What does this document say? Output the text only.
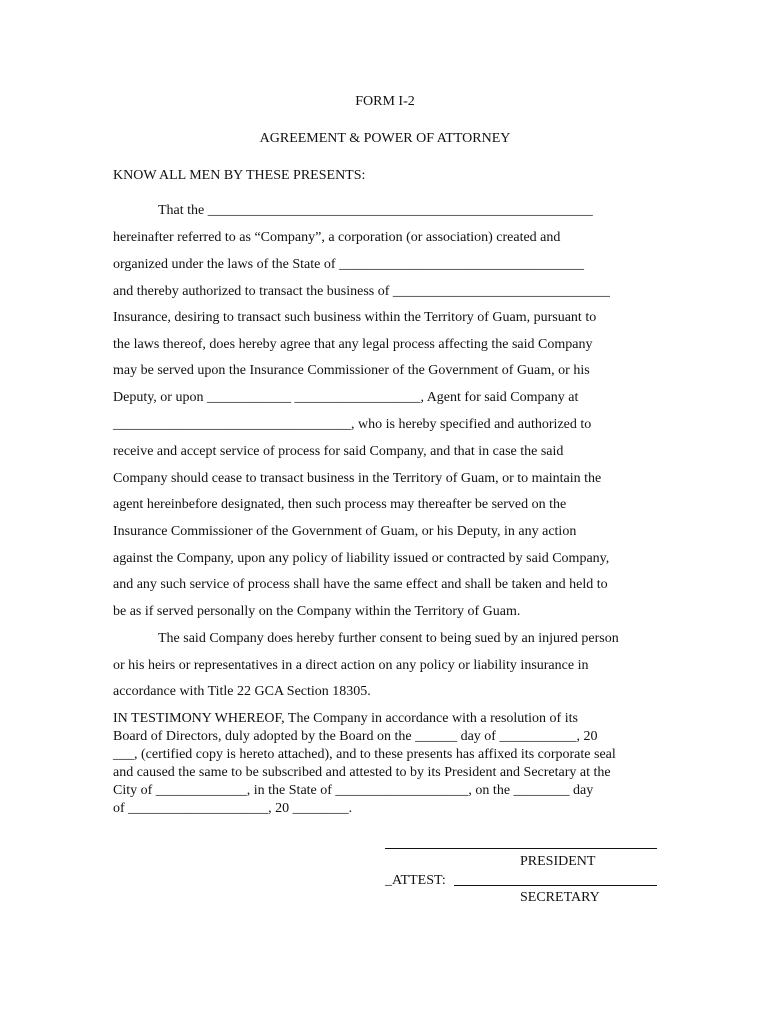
FORM I-2
AGREEMENT & POWER OF ATTORNEY
KNOW ALL MEN BY THESE PRESENTS:
That the _______________________________________________________
hereinafter referred to as “Company”, a corporation (or association) created and
organized under the laws of the State of ___________________________________
and thereby authorized to transact the business of _______________________________
Insurance, desiring to transact such business within the Territory of Guam, pursuant to
the laws thereof, does hereby agree that any legal process affecting the said Company
may be served upon the Insurance Commissioner of the Government of Guam, or his
Deputy, or upon ____________ __________________, Agent for said Company at
__________________________________, who is hereby specified and authorized to
receive and accept service of process for said Company, and that in case the said
Company should cease to transact business in the Territory of Guam, or to maintain the
agent hereinbefore designated, then such process may thereafter be served on the
Insurance Commissioner of the Government of Guam, or his Deputy, in any action
against the Company, upon any policy of liability issued or contracted by said Company,
and any such service of process shall have the same effect and shall be taken and held to
be as if served personally on the Company within the Territory of Guam.
The said Company does hereby further consent to being sued by an injured person
or his heirs or representatives in a direct action on any policy or liability insurance in
accordance with Title 22 GCA Section 18305.
IN TESTIMONY WHEREOF, The Company in accordance with a resolution of its
Board of Directors, duly adopted by the Board on the ______ day of ___________, 20
___, (certified copy is hereto attached), and to these presents has affixed its corporate seal
and caused the same to be subscribed and attested to by its President and Secretary at the
City of _____________, in the State of ___________________, on the ________ day
of ____________________, 20 ________.
PRESIDENT
_ATTEST:
SECRETARY
